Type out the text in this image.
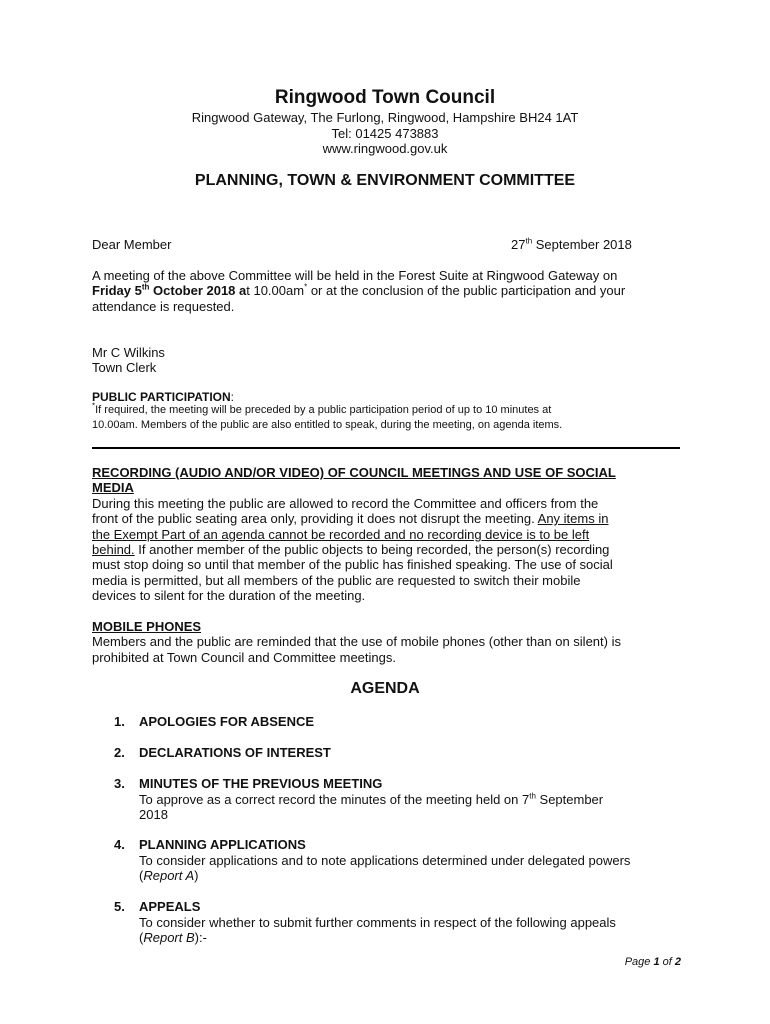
Ringwood Town Council
Ringwood Gateway, The Furlong, Ringwood, Hampshire BH24 1AT
Tel: 01425 473883
www.ringwood.gov.uk
PLANNING, TOWN & ENVIRONMENT COMMITTEE
Dear Member	27th September 2018
A meeting of the above Committee will be held in the Forest Suite at Ringwood Gateway on
Friday 5th October 2018 at 10.00am* or at the conclusion of the public participation and your
attendance is requested.
Mr C Wilkins
Town Clerk
PUBLIC PARTICIPATION:
*If required, the meeting will be preceded by a public participation period of up to 10 minutes at
10.00am. Members of the public are also entitled to speak, during the meeting, on agenda items.
RECORDING (AUDIO AND/OR VIDEO) OF COUNCIL MEETINGS AND USE OF SOCIAL
MEDIA
During this meeting the public are allowed to record the Committee and officers from the
front of the public seating area only, providing it does not disrupt the meeting. Any items in
the Exempt Part of an agenda cannot be recorded and no recording device is to be left
behind. If another member of the public objects to being recorded, the person(s) recording
must stop doing so until that member of the public has finished speaking. The use of social
media is permitted, but all members of the public are requested to switch their mobile
devices to silent for the duration of the meeting.
MOBILE PHONES
Members and the public are reminded that the use of mobile phones (other than on silent) is
prohibited at Town Council and Committee meetings.
AGENDA
1. APOLOGIES FOR ABSENCE
2. DECLARATIONS OF INTEREST
3. MINUTES OF THE PREVIOUS MEETING
To approve as a correct record the minutes of the meeting held on 7th September
2018
4. PLANNING APPLICATIONS
To consider applications and to note applications determined under delegated powers
(Report A)
5. APPEALS
To consider whether to submit further comments in respect of the following appeals
(Report B):-
Page 1 of 2
